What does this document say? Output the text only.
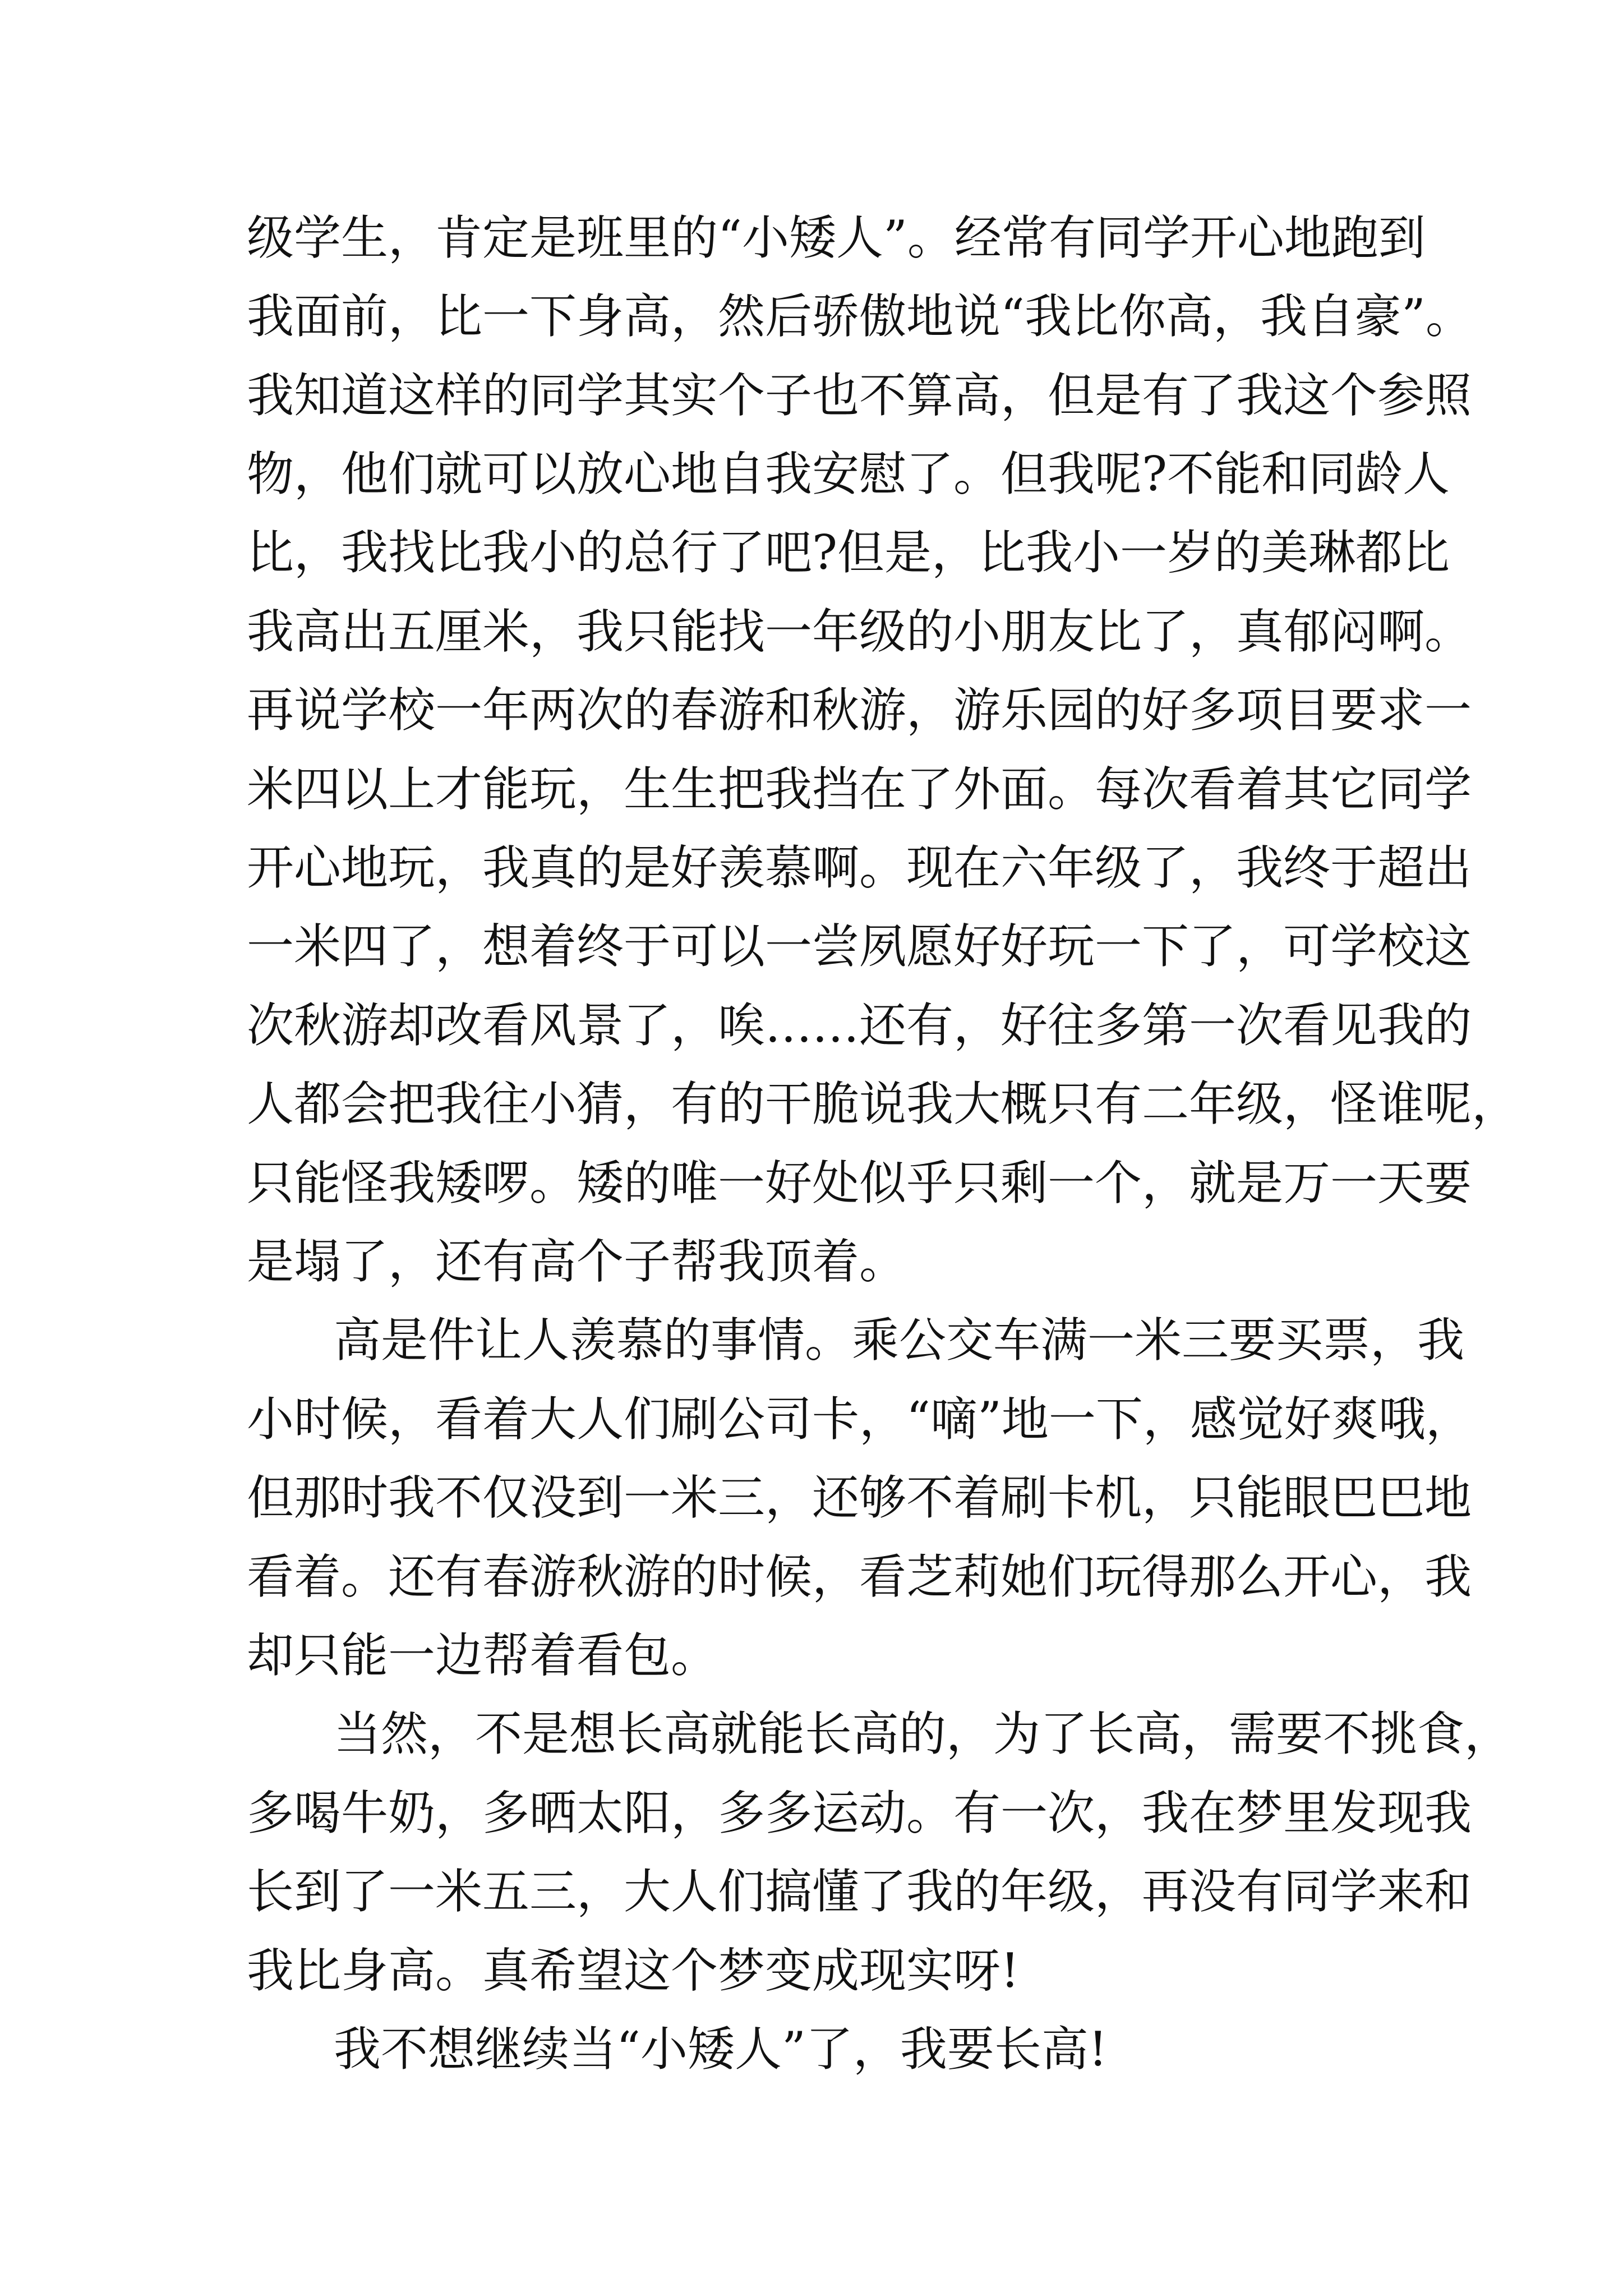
级学生，肯定是班里的“小矮人”。经常有同学开心地跑到
我面前，比一下身高，然后骄傲地说“我比你高，我自豪”。
我知道这样的同学其实个子也不算高，但是有了我这个参照
物，他们就可以放心地自我安慰了。但我呢?不能和同龄人
比，我找比我小的总行了吧?但是，比我小一岁的美琳都比
我高出五厘米，我只能找一年级的小朋友比了，真郁闷啊。
再说学校一年两次的春游和秋游，游乐园的好多项目要求一
米四以上才能玩，生生把我挡在了外面。每次看着其它同学
开心地玩，我真的是好羡慕啊。现在六年级了，我终于超出
一米四了，想着终于可以一尝夙愿好好玩一下了，可学校这
次秋游却改看风景了，唉……还有，好往多第一次看见我的
人都会把我往小猜，有的干脆说我大概只有二年级，怪谁呢，
只能怪我矮啰。矮的唯一好处似乎只剩一个，就是万一天要
是塌了，还有高个子帮我顶着。
高是件让人羡慕的事情。乘公交车满一米三要买票，我
小时候，看着大人们刷公司卡，“嘀”地一下，感觉好爽哦，
但那时我不仅没到一米三，还够不着刷卡机，只能眼巴巴地
看着。还有春游秋游的时候，看芝莉她们玩得那么开心，我
却只能一边帮着看包。
当然，不是想长高就能长高的，为了长高，需要不挑食，
多喝牛奶，多晒太阳，多多运动。有一次，我在梦里发现我
长到了一米五三，大人们搞懂了我的年级，再没有同学来和
我比身高。真希望这个梦变成现实呀!
我不想继续当“小矮人”了，我要长高!
